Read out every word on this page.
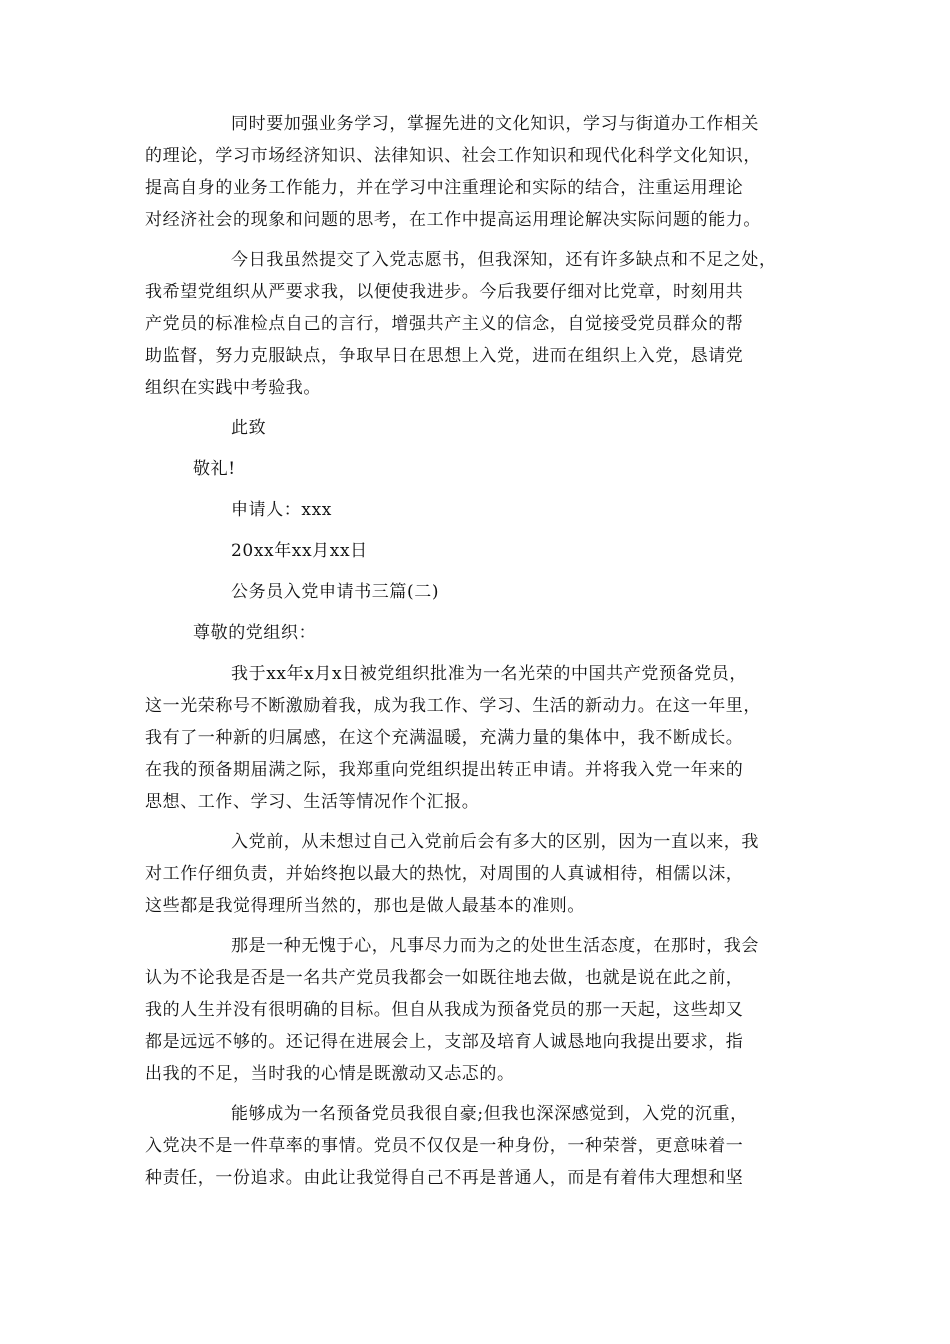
同时要加强业务学习，掌握先进的文化知识，学习与街道办工作相关
的理论，学习市场经济知识、法律知识、社会工作知识和现代化科学文化知识，
提高自身的业务工作能力，并在学习中注重理论和实际的结合，注重运用理论
对经济社会的现象和问题的思考，在工作中提高运用理论解决实际问题的能力。
今日我虽然提交了入党志愿书，但我深知，还有许多缺点和不足之处，
我希望党组织从严要求我，以便使我进步。今后我要仔细对比党章，时刻用共
产党员的标准检点自己的言行，增强共产主义的信念，自觉接受党员群众的帮
助监督，努力克服缺点，争取早日在思想上入党，进而在组织上入党，恳请党
组织在实践中考验我。
此致
敬礼!
申请人：xxx
20xx年xx月xx日
公务员入党申请书三篇(二)
尊敬的党组织：
我于xx年x月x日被党组织批准为一名光荣的中国共产党预备党员，
这一光荣称号不断激励着我，成为我工作、学习、生活的新动力。在这一年里，
我有了一种新的归属感，在这个充满温暖，充满力量的集体中，我不断成长。
在我的预备期届满之际，我郑重向党组织提出转正申请。并将我入党一年来的
思想、工作、学习、生活等情况作个汇报。
入党前，从未想过自己入党前后会有多大的区别，因为一直以来，我
对工作仔细负责，并始终抱以最大的热忱，对周围的人真诚相待，相儒以沫，
这些都是我觉得理所当然的，那也是做人最基本的准则。
那是一种无愧于心，凡事尽力而为之的处世生活态度，在那时，我会
认为不论我是否是一名共产党员我都会一如既往地去做，也就是说在此之前，
我的人生并没有很明确的目标。但自从我成为预备党员的那一天起，这些却又
都是远远不够的。还记得在进展会上，支部及培育人诚恳地向我提出要求，指
出我的不足，当时我的心情是既激动又忐忑的。
能够成为一名预备党员我很自豪;但我也深深感觉到，入党的沉重，
入党决不是一件草率的事情。党员不仅仅是一种身份，一种荣誉，更意味着一
种责任，一份追求。由此让我觉得自己不再是普通人，而是有着伟大理想和坚
